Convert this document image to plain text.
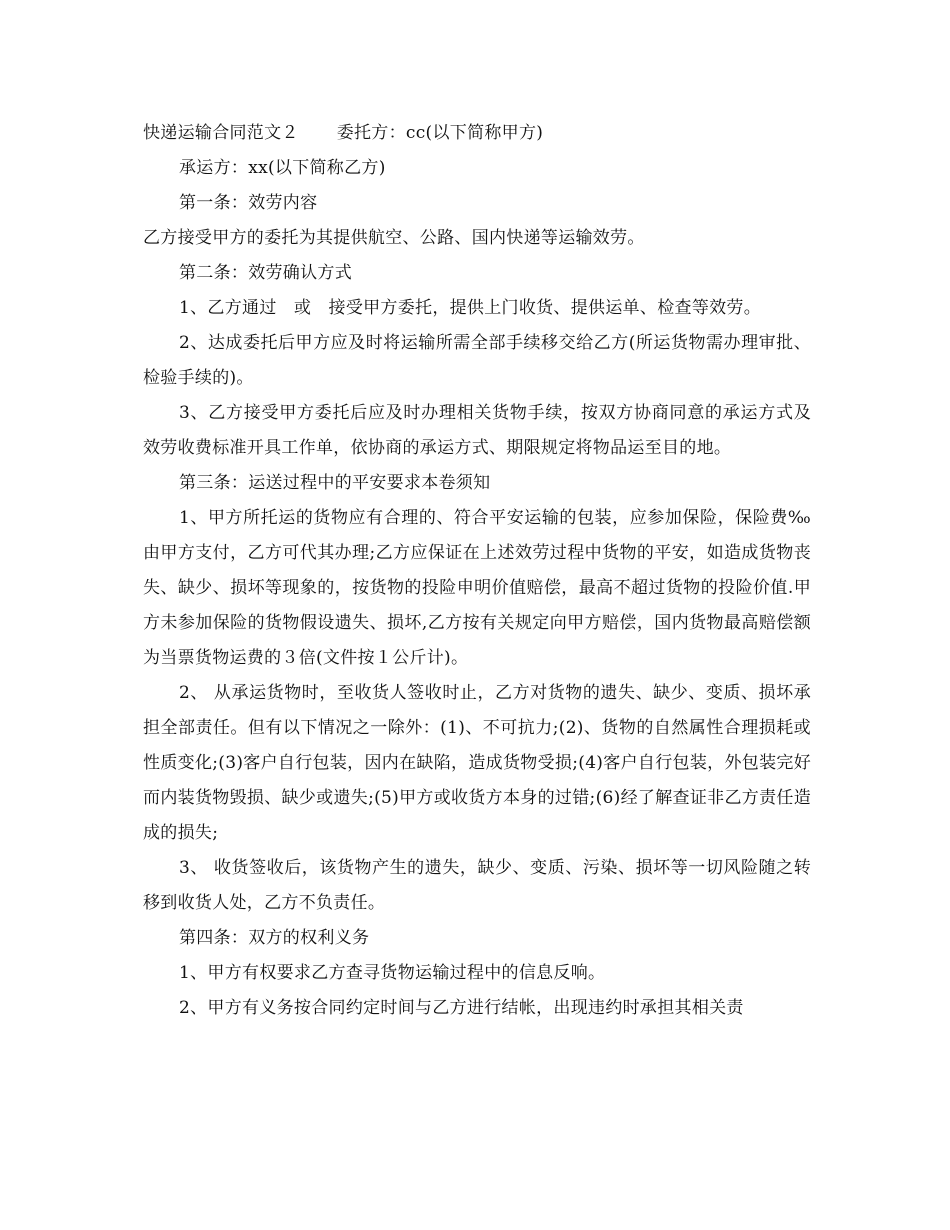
快递运输合同范文２ 委托方：cc(以下简称甲方)

承运方：xx(以下简称乙方)

第一条：效劳内容

乙方接受甲方的委托为其提供航空、公路、国内快递等运输效劳。

第二条：效劳确认方式

1、乙方通过　或　接受甲方委托，提供上门收货、提供运单、检查等效劳。

2、达成委托后甲方应及时将运输所需全部手续移交给乙方(所运货物需办理审批、检验手续的)。

3、乙方接受甲方委托后应及时办理相关货物手续，按双方协商同意的承运方式及效劳收费标准开具工作单，依协商的承运方式、期限规定将物品运至目的地。

第三条：运送过程中的平安要求本卷须知

1、甲方所托运的货物应有合理的、符合平安运输的包装，应参加保险，保险费‰由甲方支付，乙方可代其办理;乙方应保证在上述效劳过程中货物的平安，如造成货物丧失、缺少、损坏等现象的，按货物的投险申明价值赔偿，最高不超过货物的投险价值.甲方未参加保险的货物假设遗失、损坏,乙方按有关规定向甲方赔偿，国内货物最高赔偿额为当票货物运费的３倍(文件按１公斤计)。

2、 从承运货物时，至收货人签收时止，乙方对货物的遗失、缺少、变质、损坏承担全部责任。但有以下情况之一除外：(1)、不可抗力;(2)、货物的自然属性合理损耗或性质变化;(3)客户自行包装，因内在缺陷，造成货物受损;(4)客户自行包装，外包装完好而内装货物毁损、缺少或遗失;(5)甲方或收货方本身的过错;(6)经了解查证非乙方责任造成的损失;

3、 收货签收后，该货物产生的遗失，缺少、变质、污染、损坏等一切风险随之转移到收货人处，乙方不负责任。

第四条：双方的权利义务

1、甲方有权要求乙方查寻货物运输过程中的信息反响。

2、甲方有义务按合同约定时间与乙方进行结帐，出现违约时承担其相关责
